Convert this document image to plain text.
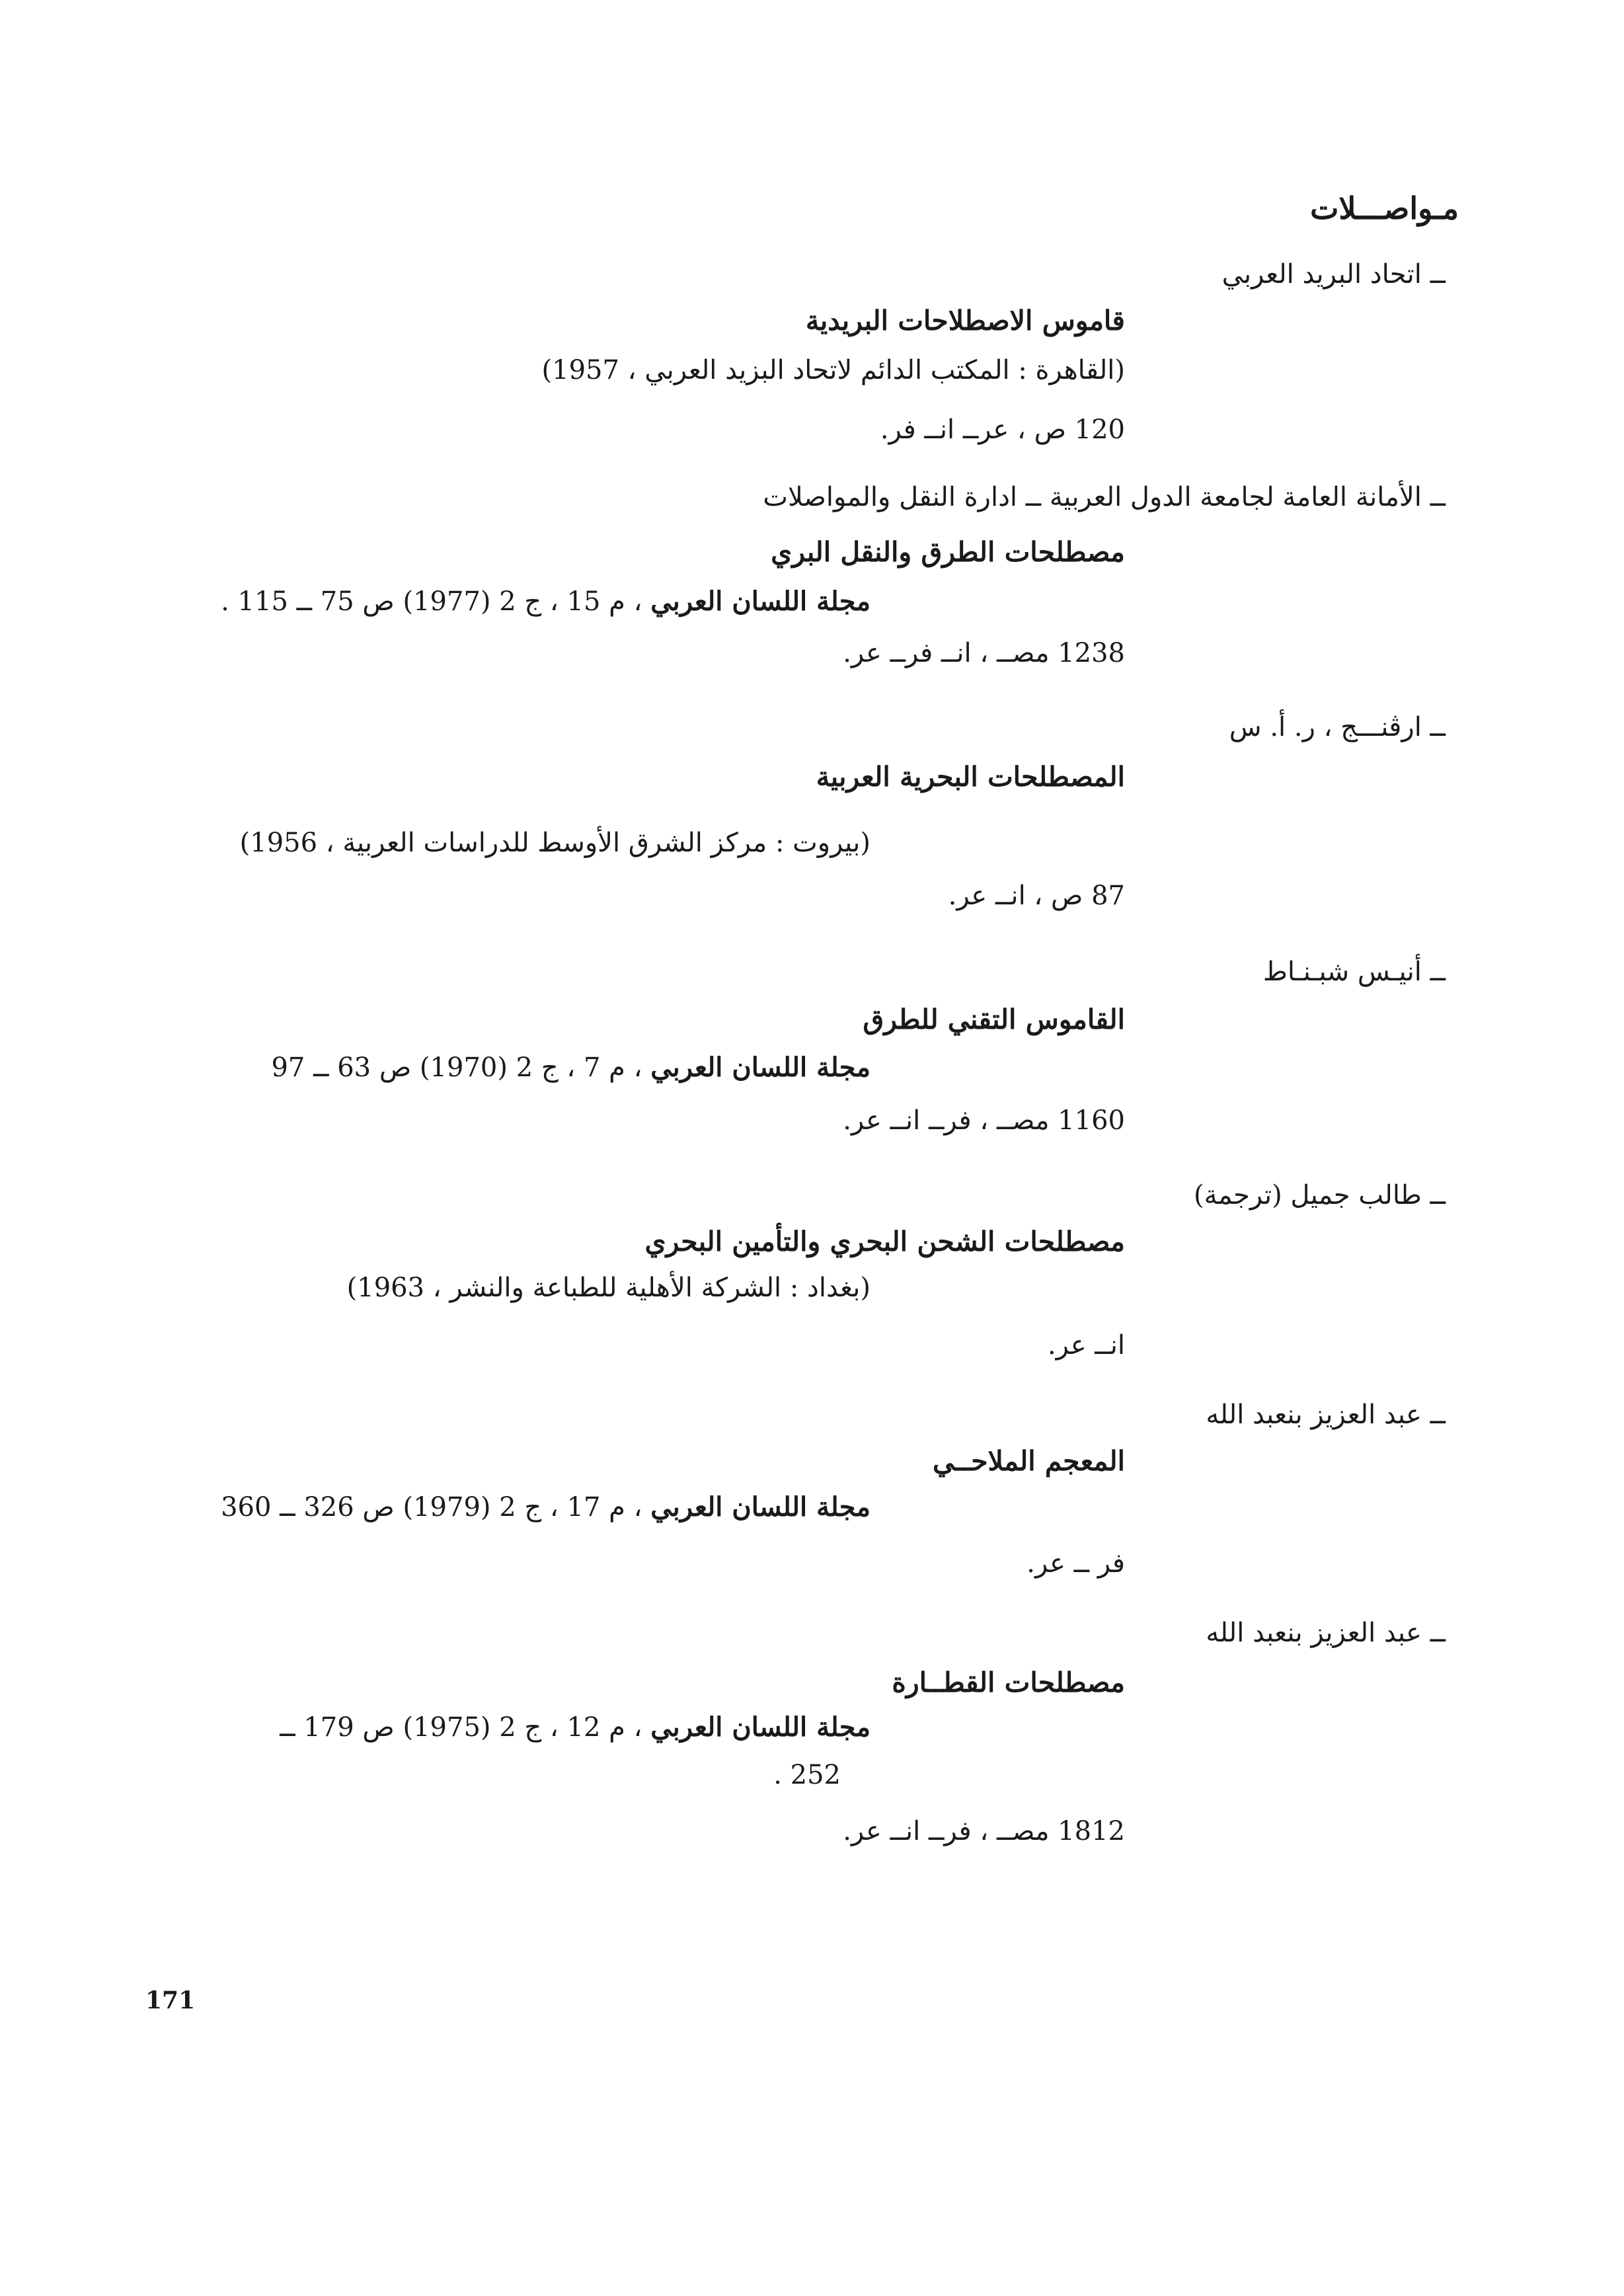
مـواصـــلات
ــ اتحاد البريد العربي
قاموس الاصطلاحات البريدية
(القاهرة : المكتب الدائم لاتحاد البزيد العربي ، 1957)
120 ص ، عرــ انــ فر.
ــ الأمانة العامة لجامعة الدول العربية ــ ادارة النقل والمواصلات
مصطلحات الطرق والنقل البري
مجلة اللسان العربي ، م 15 ، ج 2 (1977) ص 75 ــ 115 .
1238 مصــ ، انــ فرــ عر.
ــ ارڤنـــج ، ر. أ. س
المصطلحات البحرية العربية
(بيروت : مركز الشرق الأوسط للدراسات العربية ، 1956)
87 ص ، انــ عر.
ــ أنيـس شبـنـاط
القاموس التقني للطرق
مجلة اللسان العربي ، م 7 ، ج 2 (1970) ص 63 ــ 97
1160 مصــ ، فرــ انــ عر.
ــ طالب جميل (ترجمة)
مصطلحات الشحن البحري والتأمين البحري
(بغداد : الشركة الأهلية للطباعة والنشر ، 1963)
انــ عر.
ــ عبد العزيز بنعبد الله
المعجم الملاحــي
مجلة اللسان العربي ، م 17 ، ج 2 (1979) ص 326 ــ 360
فر ــ عر.
ــ عبد العزيز بنعبد الله
مصطلحات القطــارة
مجلة اللسان العربي ، م 12 ، ج 2 (1975) ص 179 ــ
252 .
1812 مصــ ، فرــ انــ عر.
171
